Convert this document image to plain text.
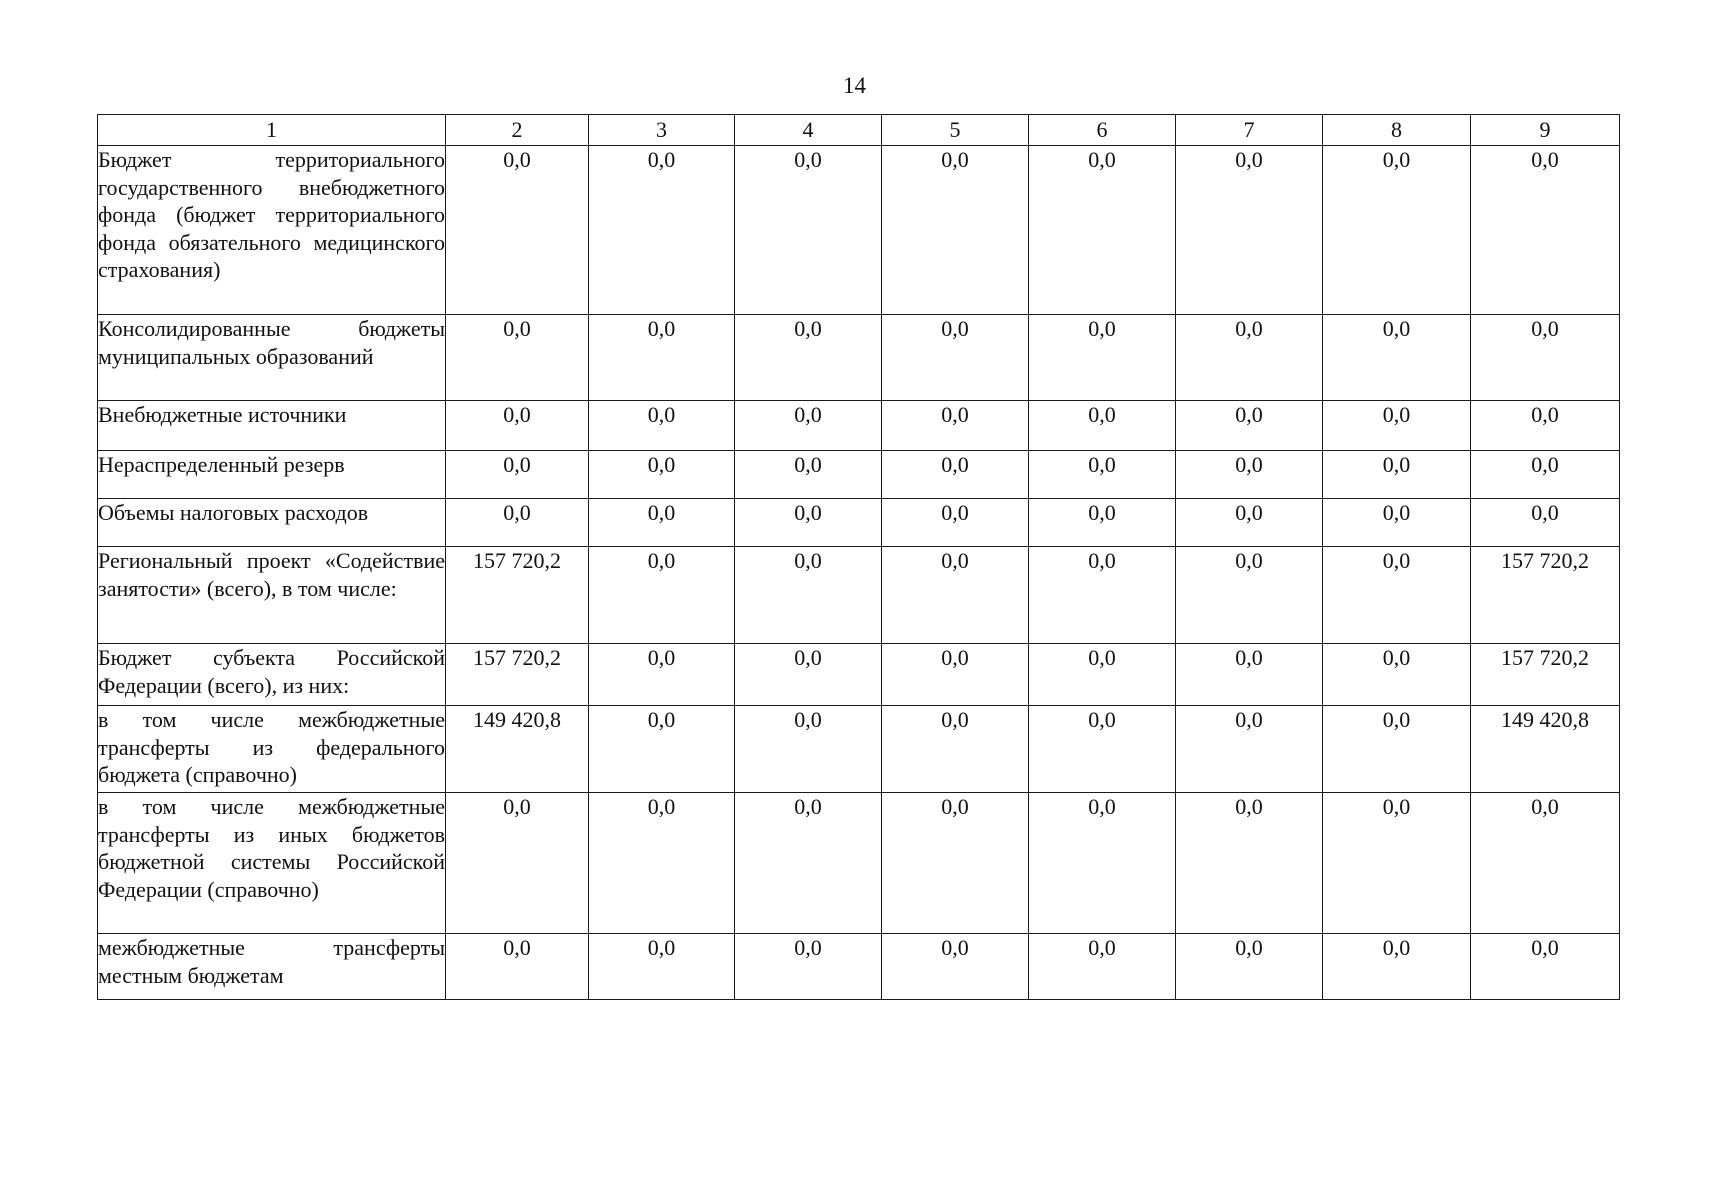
14
1	2	3	4	5	6	7	8	9
Бюджет территориального государственного внебюджетного фонда (бюджет территориального фонда обязательного медицинского страхования)	0,0	0,0	0,0	0,0	0,0	0,0	0,0	0,0
Консолидированные бюджеты муниципальных образований	0,0	0,0	0,0	0,0	0,0	0,0	0,0	0,0
Внебюджетные источники	0,0	0,0	0,0	0,0	0,0	0,0	0,0	0,0
Нераспределенный резерв	0,0	0,0	0,0	0,0	0,0	0,0	0,0	0,0
Объемы налоговых расходов	0,0	0,0	0,0	0,0	0,0	0,0	0,0	0,0
Региональный проект «Содействие занятости» (всего), в том числе:	157 720,2	0,0	0,0	0,0	0,0	0,0	0,0	157 720,2
Бюджет субъекта Российской Федерации (всего), из них:	157 720,2	0,0	0,0	0,0	0,0	0,0	0,0	157 720,2
в том числе межбюджетные трансферты из федерального бюджета (справочно)	149 420,8	0,0	0,0	0,0	0,0	0,0	0,0	149 420,8
в том числе межбюджетные трансферты из иных бюджетов бюджетной системы Российской Федерации (справочно)	0,0	0,0	0,0	0,0	0,0	0,0	0,0	0,0
межбюджетные трансферты местным бюджетам	0,0	0,0	0,0	0,0	0,0	0,0	0,0	0,0
